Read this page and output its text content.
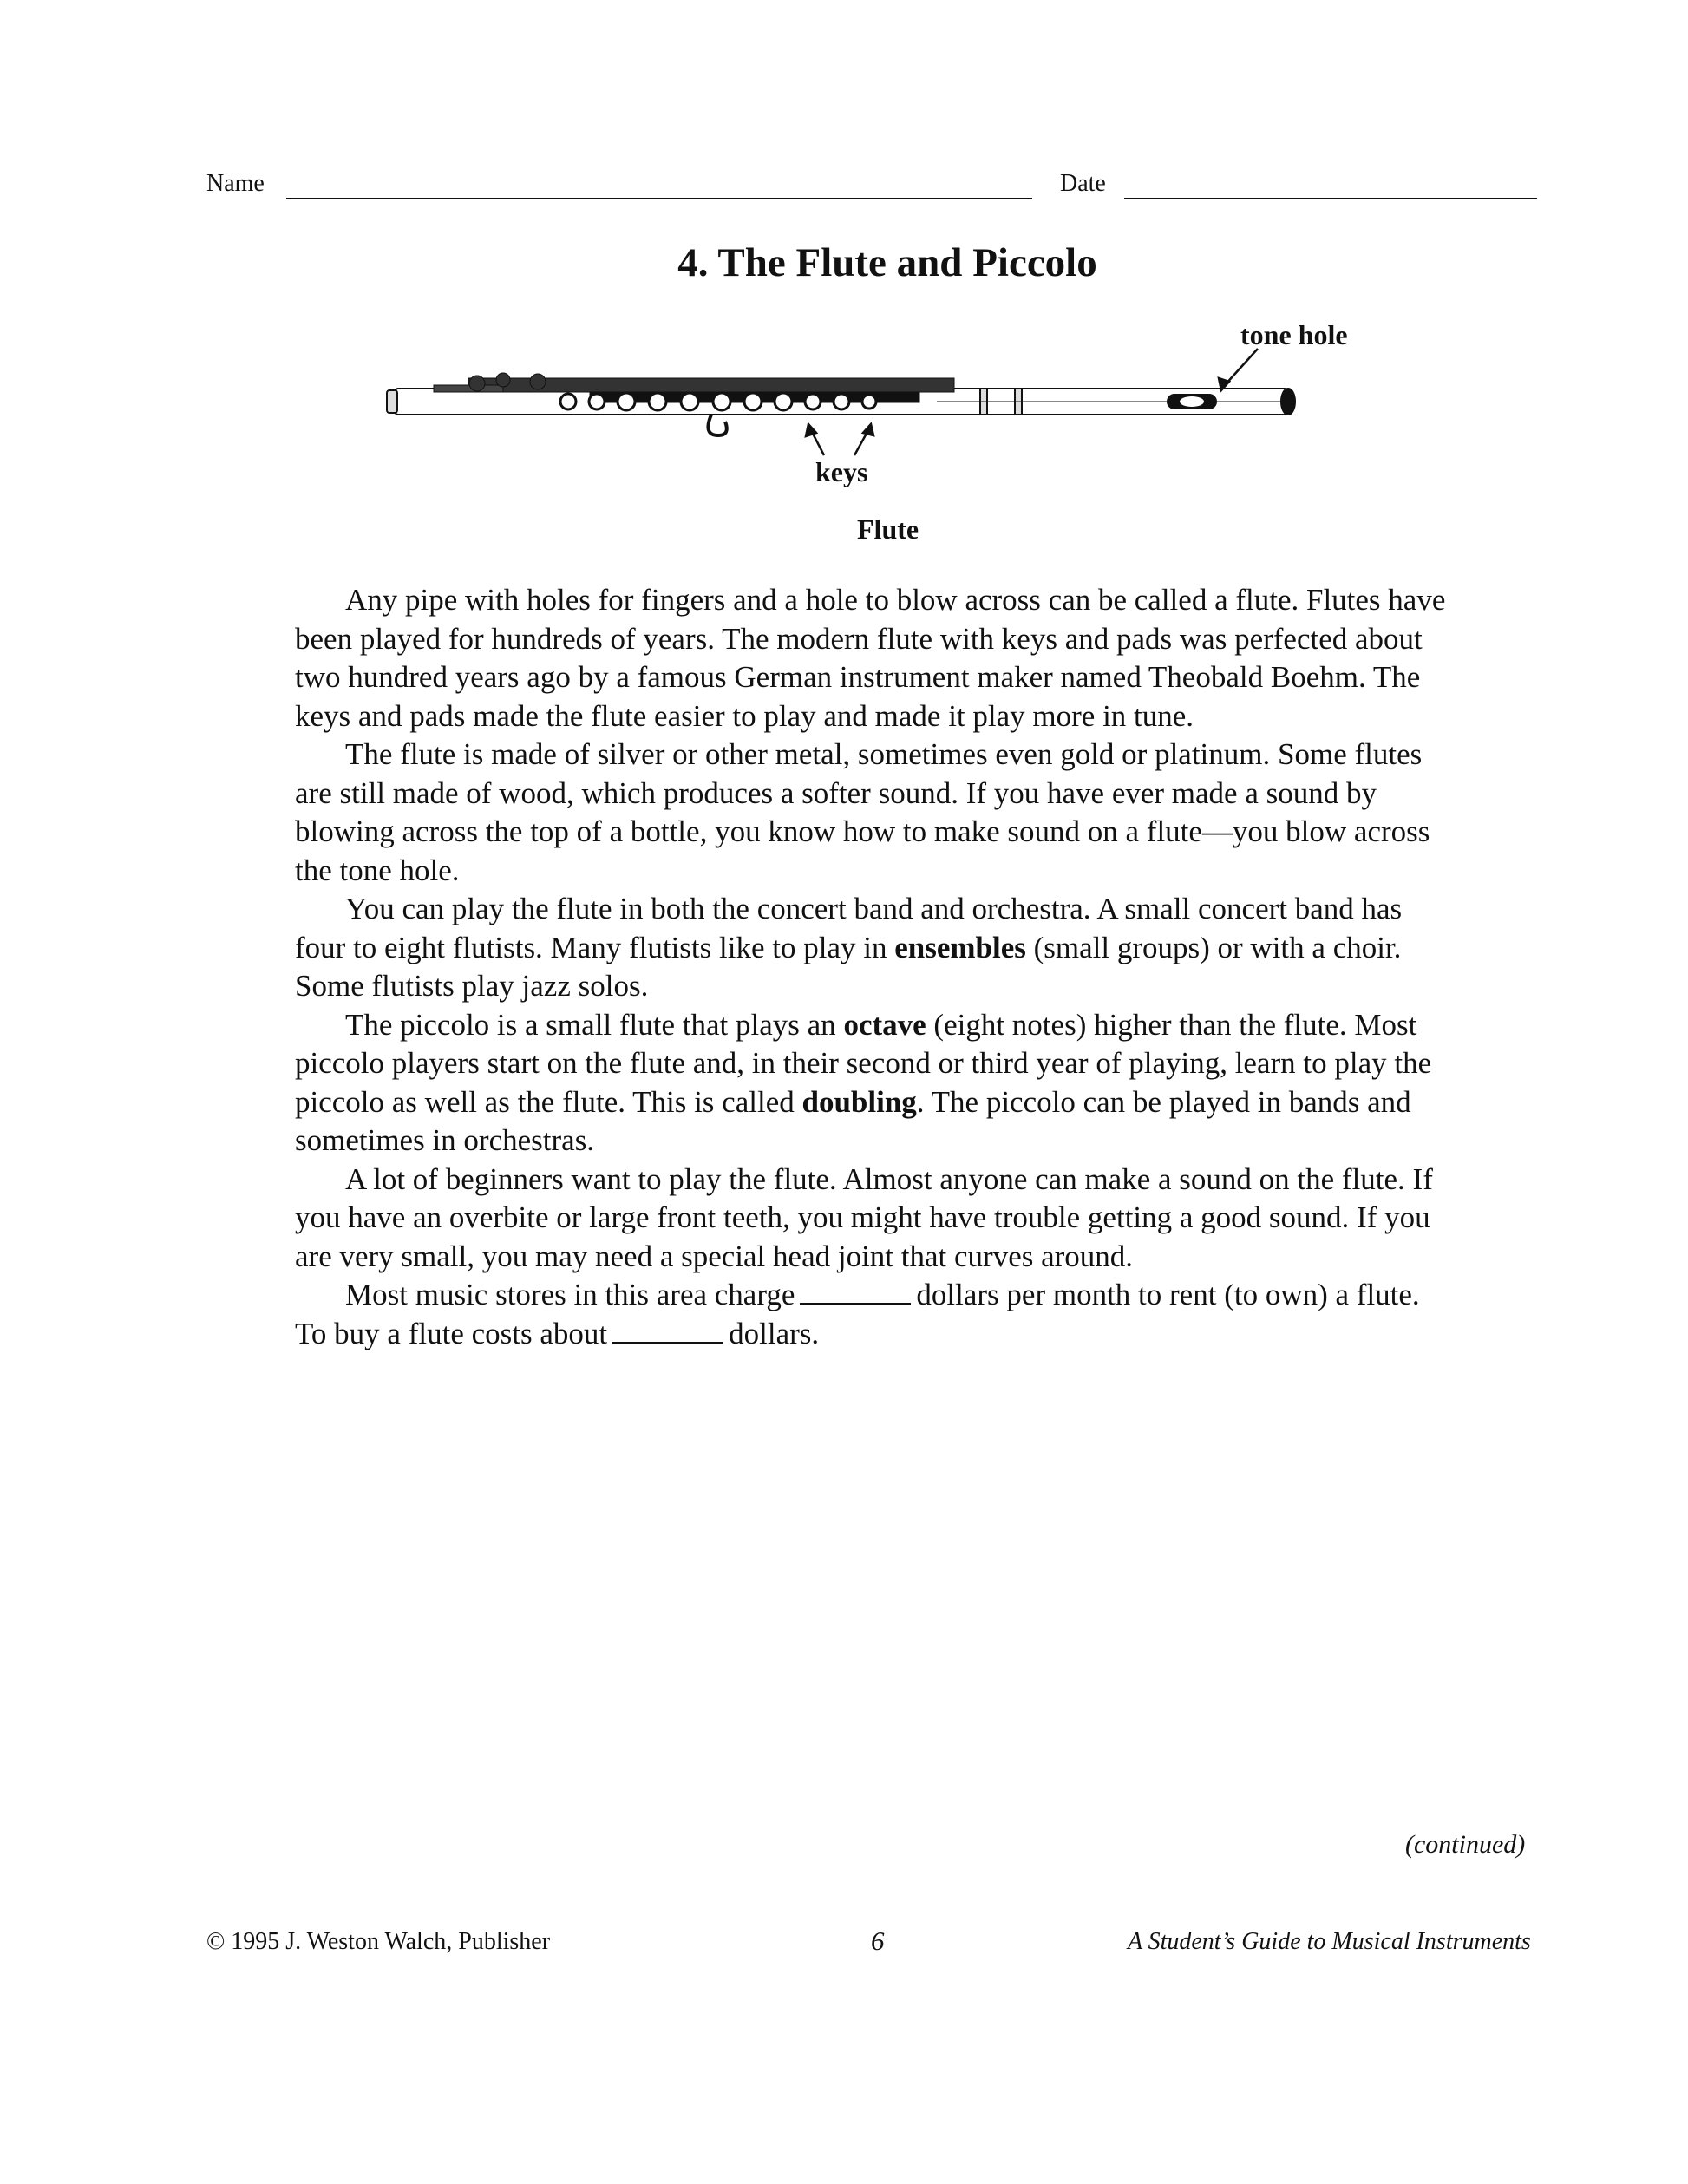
Name	Date
4. The Flute and Piccolo
tone hole
keys
Flute

Any pipe with holes for fingers and a hole to blow across can be called a flute. Flutes have been played for hundreds of years. The modern flute with keys and pads was perfected about two hundred years ago by a famous German instrument maker named Theobald Boehm. The keys and pads made the flute easier to play and made it play more in tune.

The flute is made of silver or other metal, sometimes even gold or platinum. Some flutes are still made of wood, which produces a softer sound. If you have ever made a sound by blowing across the top of a bottle, you know how to make sound on a flute—you blow across the tone hole.

You can play the flute in both the concert band and orchestra. A small concert band has four to eight flutists. Many flutists like to play in ensembles (small groups) or with a choir. Some flutists play jazz solos.

The piccolo is a small flute that plays an octave (eight notes) higher than the flute. Most piccolo players start on the flute and, in their second or third year of playing, learn to play the piccolo as well as the flute. This is called doubling. The piccolo can be played in bands and sometimes in orchestras.

A lot of beginners want to play the flute. Almost anyone can make a sound on the flute. If you have an overbite or large front teeth, you might have trouble getting a good sound. If you are very small, you may need a special head joint that curves around.

Most music stores in this area charge	dollars per month to rent (to own) a flute. To buy a flute costs about	dollars.

(continued)
© 1995 J. Weston Walch, Publisher	6	A Student’s Guide to Musical Instruments
